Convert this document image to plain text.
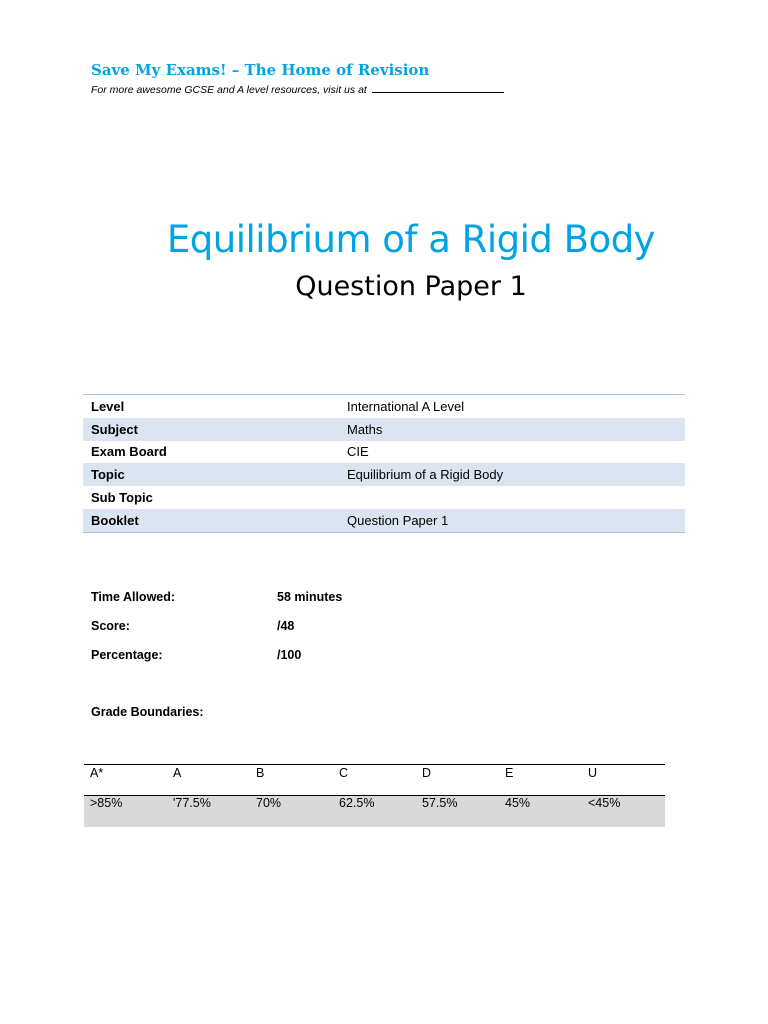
Save My Exams! – The Home of Revision
For more awesome GCSE and A level resources, visit us at
Equilibrium of a Rigid Body
Question Paper 1
Level	International A Level
Subject	Maths
Exam Board	CIE
Topic	Equilibrium of a Rigid Body
Sub Topic
Booklet	Question Paper 1
Time Allowed:	58 minutes
Score:	/48
Percentage:	/100
Grade Boundaries:
A*	A	B	C	D	E	U
>85%	'77.5%	70%	62.5%	57.5%	45%	<45%
